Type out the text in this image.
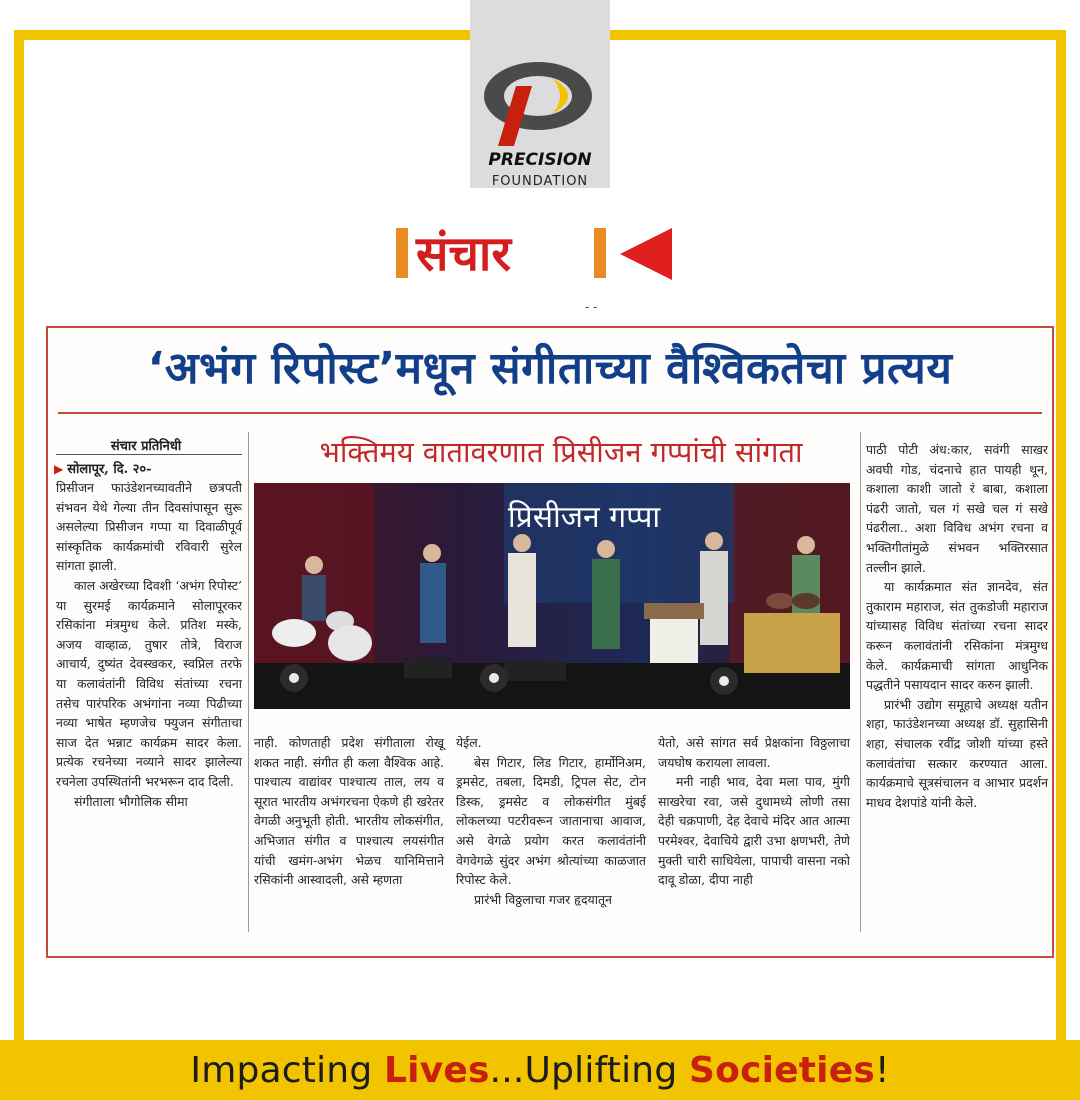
PRECISION
FOUNDATION
संचार
- -
‘अभंग रिपोस्ट’मधून संगीताच्या वैश्विकतेचा प्रत्यय
संचार प्रतिनिधी
▶ सोलापूर, दि. २०-

प्रिसीजन फाउंडेशनच्यावतीने छत्रपती संभवन येथे गेल्या तीन दिवसांपासून सुरू असलेल्या प्रिसीजन गप्पा या दिवाळीपूर्व सांस्कृतिक कार्यक्रमांची रविवारी सुरेल सांगता झाली.

काल अखेरच्या दिवशी ‘अभंग रिपोस्ट’ या सुरमई कार्यक्रमाने सोलापूरकर रसिकांना मंत्रमुग्ध केले. प्रतिश मस्के, अजय वाव्हाळ, तुषार तोत्रे, विराज आचार्य, दुष्यंत देवस्खकर, स्वप्निल तरफे या कलावंतांनी विविध संतांच्या रचना तसेच पारंपरिक अभंगांना नव्या पिढीच्या नव्या भाषेत म्हणजेच फ्युजन संगीताचा साज देत भन्नाट कार्यक्रम सादर केला. प्रत्येक रचनेच्या नव्याने सादर झालेल्या रचनेला उपस्थितांनी भरभरून दाद दिली.

संगीताला भौगोलिक सीमा

भक्तिमय वातावरणात प्रिसीजन गप्पांची सांगता
प्रिसीजन गप्पा

नाही. कोणताही प्रदेश संगीताला रोखू शकत नाही. संगीत ही कला वैश्विक आहे. पाश्चात्य वाद्यांवर पाश्चात्य ताल, लय व सूरात भारतीय अभंगरचना ऐकणे ही खरेतर वेगळी अनुभूती होती. भारतीय लोकसंगीत, अभिजात संगीत व पाश्चात्य लयसंगीत यांची खमंग-अभंग भेळच यानिमित्ताने रसिकांनी आस्वादली, असे म्हणता

येईल.

बेस गिटार, लिड गिटार, हार्मोनिअम, ड्रमसेट, तबला, दिमडी, ट्रिपल सेट, टोन डिस्क, ड्रमसेट व लोकसंगीत मुंबई लोकलच्या पटरीवरून जातानाचा आवाज, असे वेगळे प्रयोग करत कलावंतांनी वेगवेगळे सुंदर अभंग श्रोत्यांच्या काळजात रिपोस्ट केले.

प्रारंभी विठ्ठलाचा गजर हृदयातून

येतो, असे सांगत सर्व प्रेक्षकांना विठ्ठलाचा जयघोष करायला लावला.

मनी नाही भाव, देवा मला पाव, मुंगी साखरेचा रवा, जसे दुधामध्ये लोणी तसा देही चक्रपाणी, देह देवाचे मंदिर आत आत्मा परमेश्वर, देवाचिये द्वारी उभा क्षणभरी, तेणे मुक्ती चारी साधियेला, पापाची वासना नको दावू डोळा, दीपा नाही

पाठी पोटी अंध:कार, सवंगी साखर अवघी गोड, चंदनाचे हात पायही थून, कशाला काशी जातो रं बाबा, कशाला पंढरी जातो, चल गं सखे चल गं सखे पंढरीला.. अशा विविध अभंग रचना व भक्तिगीतांमुळे संभवन भक्तिरसात तल्लीन झाले.

या कार्यक्रमात संत ज्ञानदेव, संत तुकाराम महाराज, संत तुकडोजी महाराज यांच्यासह विविध संतांच्या रचना सादर करून कलावंतांनी रसिकांना मंत्रमुग्ध केले. कार्यक्रमाची सांगता आधुनिक पद्धतीने पसायदान सादर करुन झाली.

प्रारंभी उद्योग समूहाचे अध्यक्ष यतीन शहा, फाउंडेशनच्या अध्यक्ष डॉ. सुहासिनी शहा, संचालक रवींद्र जोशी यांच्या हस्ते कलावंतांचा सत्कार करण्यात आला. कार्यक्रमाचे सूत्रसंचालन व आभार प्रदर्शन माधव देशपांडे यांनी केले.

Impacting Lives...Uplifting Societies!
